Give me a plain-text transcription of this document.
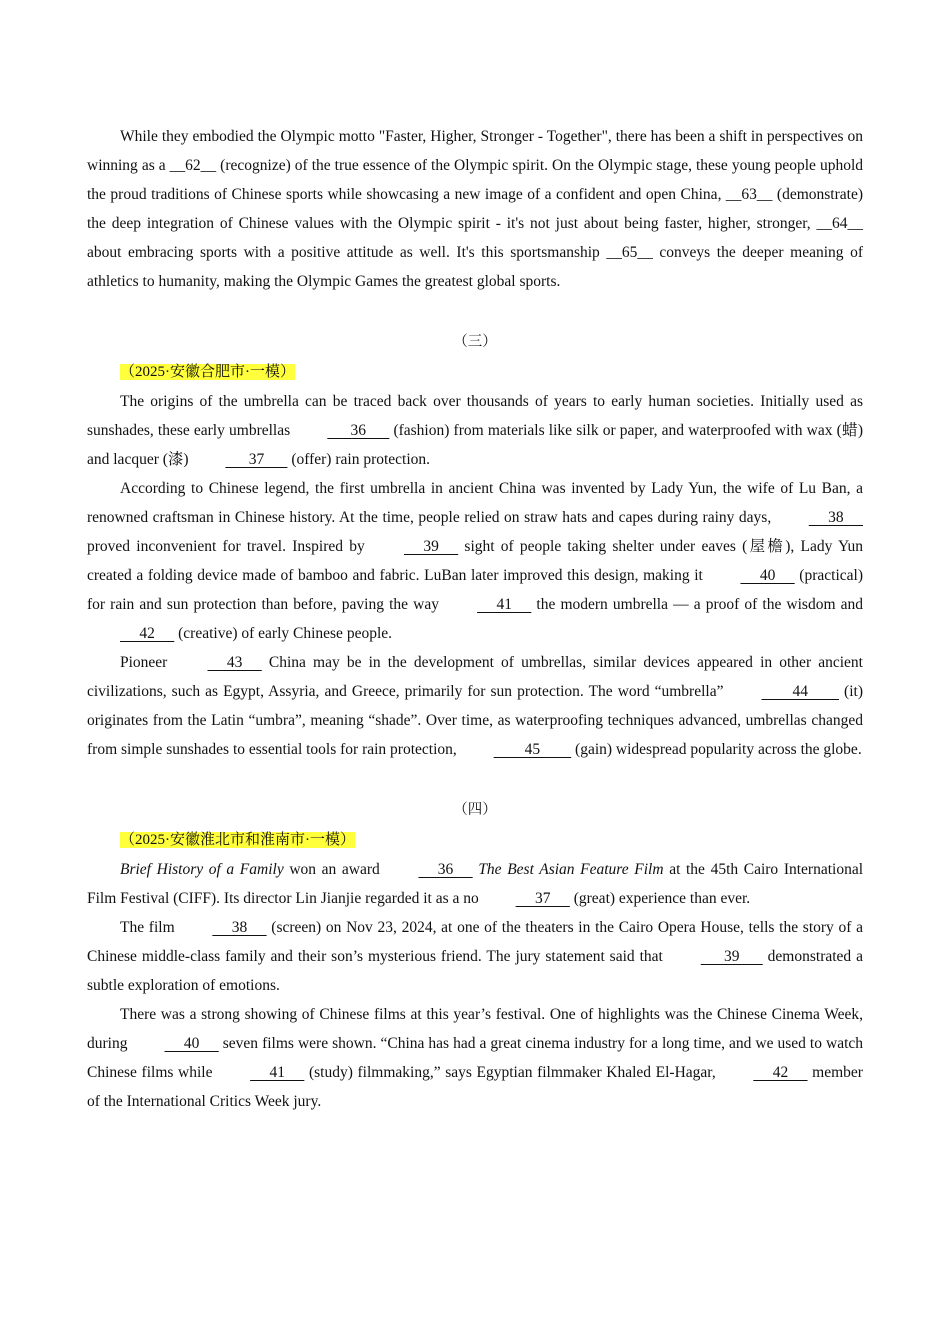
While they embodied the Olympic motto "Faster, Higher, Stronger - Together", there has been a shift in perspectives on winning as a __62__ (recognize) of the true essence of the Olympic spirit. On the Olympic stage, these young people uphold the proud traditions of Chinese sports while showcasing a new image of a confident and open China, __63__ (demonstrate) the deep integration of Chinese values with the Olympic spirit - it's not just about being faster, higher, stronger, __64__ about embracing sports with a positive attitude as well. It's this sportsmanship __65__ conveys the deeper meaning of athletics to humanity, making the Olympic Games the greatest global sports.

（三）

（2025·安徽合肥市·一模）

The origins of the umbrella can be traced back over thousands of years to early human societies. Initially used as sunshades, these early umbrellas       36       (fashion) from materials like silk or paper, and waterproofed with wax (蜡) and lacquer (漆)       37       (offer) rain protection.

According to Chinese legend, the first umbrella in ancient China was invented by Lady Yun, the wife of Lu Ban, a renowned craftsman in Chinese history. At the time, people relied on straw hats and capes during rainy days,      38      proved inconvenient for travel. Inspired by      39      sight of people taking shelter under eaves (屋檐), Lady Yun created a folding device made of bamboo and fabric. LuBan later improved this design, making it      40      (practical) for rain and sun protection than before, paving the way      41      the modern umbrella — a proof of the wisdom and      42      (creative) of early Chinese people.

Pioneer      43      China may be in the development of umbrellas, similar devices appeared in other ancient civilizations, such as Egypt, Assyria, and Greece, primarily for sun protection. The word “umbrella”         44         (it) originates from the Latin “umbra”, meaning “shade”. Over time, as waterproofing techniques advanced, umbrellas changed from simple sunshades to essential tools for rain protection,         45         (gain) widespread popularity across the globe.

（四）

（2025·安徽淮北市和淮南市·一模）

Brief History of a Family won an award      36      The Best Asian Feature Film at the 45th Cairo International Film Festival (CIFF). Its director Lin Jianjie regarded it as a no      37      (great) experience than ever.

The film      38      (screen) on Nov 23, 2024, at one of the theaters in the Cairo Opera House, tells the story of a Chinese middle-class family and their son’s mysterious friend. The jury statement said that       39       demonstrated a subtle exploration of emotions.

There was a strong showing of Chinese films at this year’s festival. One of highlights was the Chinese Cinema Week, during      40      seven films were shown. “China has had a great cinema industry for a long time, and we used to watch Chinese films while      41      (study) filmmaking,” says Egyptian filmmaker Khaled El-Hagar,      42      member of the International Critics Week jury.
